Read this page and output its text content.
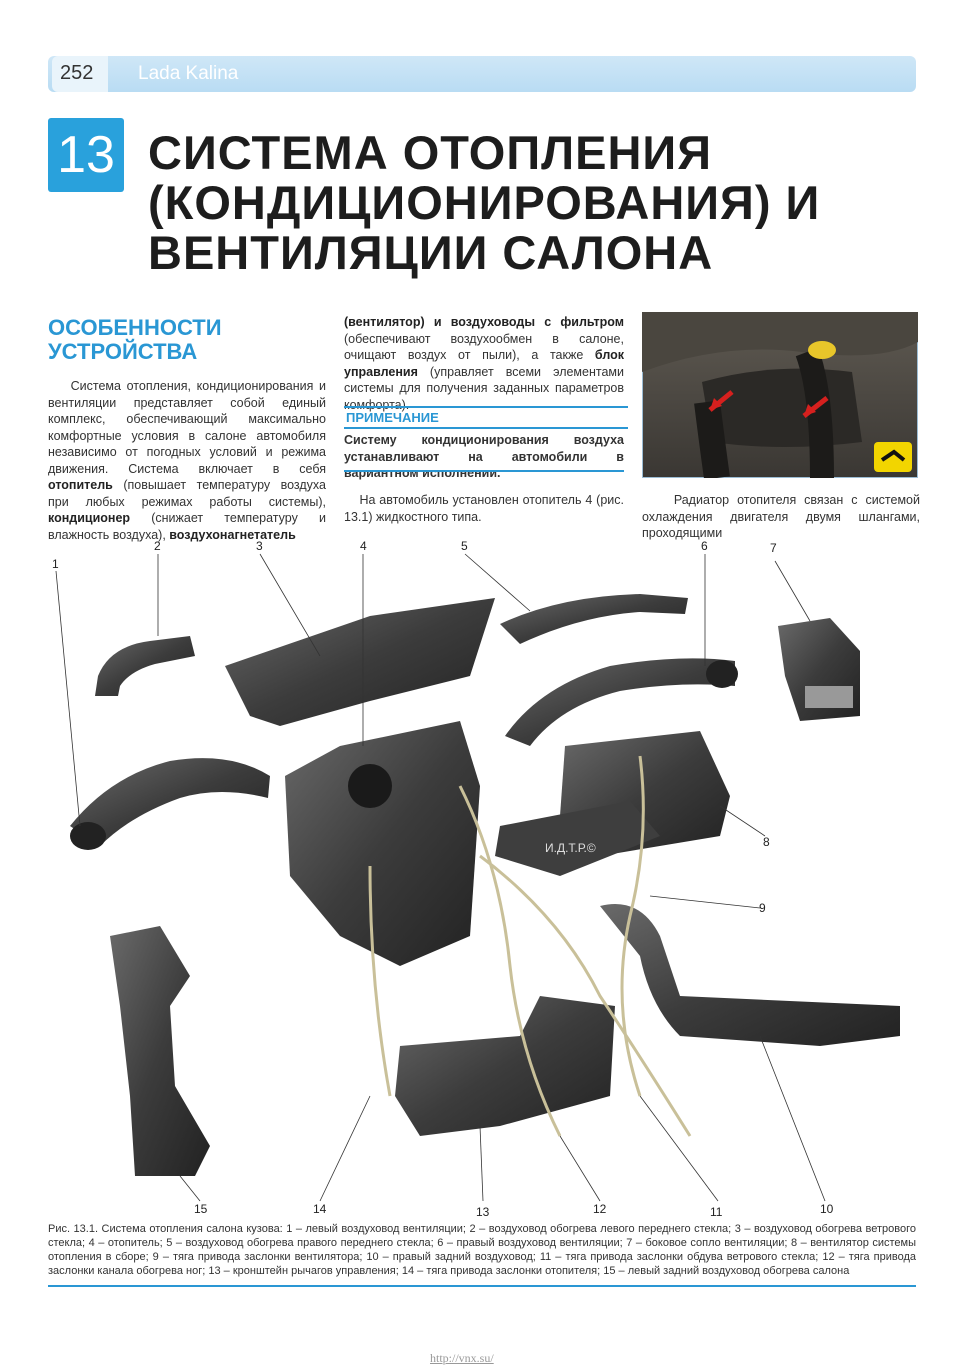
252 Lada Kalina
13 СИСТЕМА ОТОПЛЕНИЯ (КОНДИЦИОНИРОВАНИЯ) И ВЕНТИЛЯЦИИ САЛОНА
ОСОБЕННОСТИ УСТРОЙСТВА
Система отопления, кондиционирования и вентиляции представляет собой единый комплекс, обеспечивающий максимально комфортные условия в салоне автомобиля независимо от погодных условий и режима движения. Система включает в себя отопитель (повышает температуру воздуха при любых режимах работы системы), кондиционер (снижает температуру и влажность воздуха), воздухонагнетатель
(вентилятор) и воздуховоды с фильтром (обеспечивают воздухообмен в салоне, очищают воздух от пыли), а также блок управления (управляет всеми элементами системы для получения заданных параметров комфорта).
ПРИМЕЧАНИЕ
Систему кондиционирования воздуха устанавливают на автомобили в вариантном исполнении.
На автомобиль установлен отопитель 4 (рис. 13.1) жидкостного типа.
Радиатор отопителя связан с системой охлаждения двигателя двумя шлангами, проходящими
И.Д.Т.Р.©
1
2	3	4	5	6	7
8
9
10
11
12
13
14
15
Рис. 13.1. Система отопления салона кузова: 1 – левый воздуховод вентиляции; 2 – воздуховод обогрева левого переднего стекла; 3 – воздуховод обогрева ветрового стекла; 4 – отопитель; 5 – воздуховод обогрева правого переднего стекла; 6 – правый воздуховод вентиляции; 7 – боковое сопло вентиляции; 8 – вентилятор системы отопления в сборе; 9 – тяга привода заслонки вентилятора; 10 – правый задний воздуховод; 11 – тяга привода заслонки обдува ветрового стекла; 12 – тяга привода заслонки канала обогрева ног; 13 – кронштейн рычагов управления; 14 – тяга привода заслонки отопителя; 15 – левый задний воздуховод обогрева салона
http://vnx.su/
